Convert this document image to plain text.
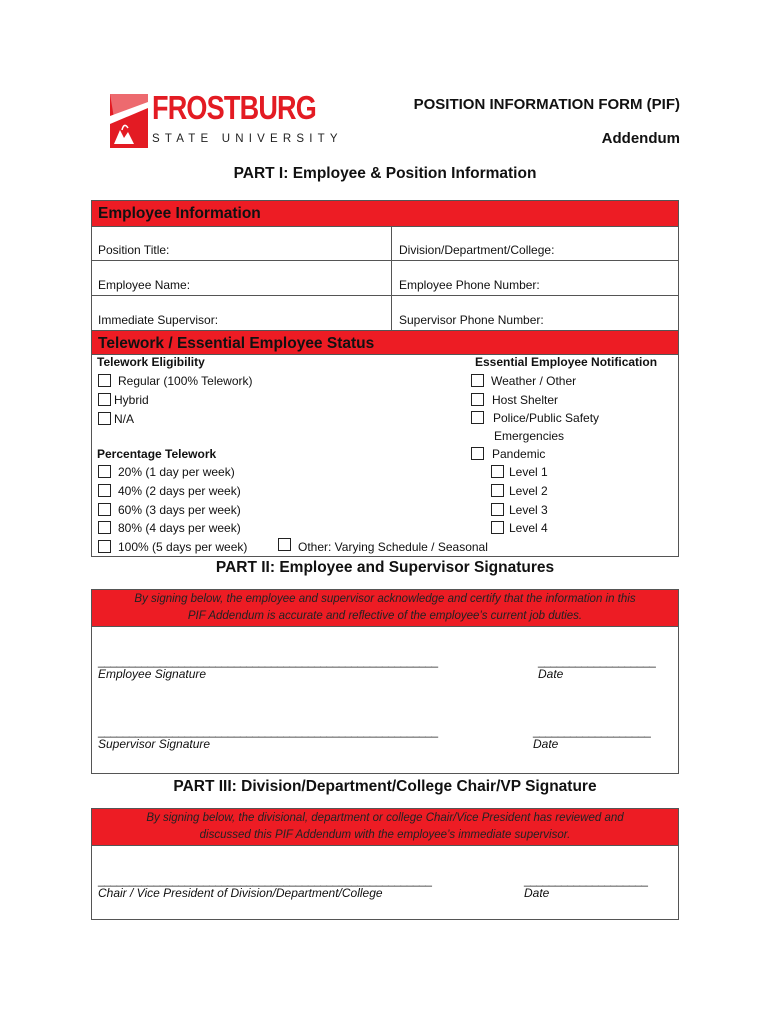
FROSTBURG
STATE UNIVERSITY
POSITION INFORMATION FORM (PIF)
Addendum
PART I: Employee & Position Information
Employee Information
Position Title:	Division/Department/College:
Employee Name:	Employee Phone Number:
Immediate Supervisor:	Supervisor Phone Number:
Telework / Essential Employee Status
Telework Eligibility
Regular (100% Telework)
Hybrid
N/A
Percentage Telework
20% (1 day per week)
40% (2 days per week)
60% (3 days per week)
80% (4 days per week)
100% (5 days per week)	Other: Varying Schedule / Seasonal
Essential Employee Notification
Weather / Other
Host Shelter
Police/Public Safety
Emergencies
Pandemic
Level 1
Level 2
Level 3
Level 4
PART II: Employee and Supervisor Signatures
By signing below, the employee and supervisor acknowledge and certify that the information in this
PIF Addendum is accurate and reflective of the employee’s current job duties.
_______________________________________________________
Employee Signature
___________________
Date
_______________________________________________________
Supervisor Signature
___________________
Date
PART III: Division/Department/College Chair/VP Signature
By signing below, the divisional, department or college Chair/Vice President has reviewed and
discussed this PIF Addendum with the employee’s immediate supervisor.
______________________________________________________
Chair / Vice President of Division/Department/College
____________________
Date
